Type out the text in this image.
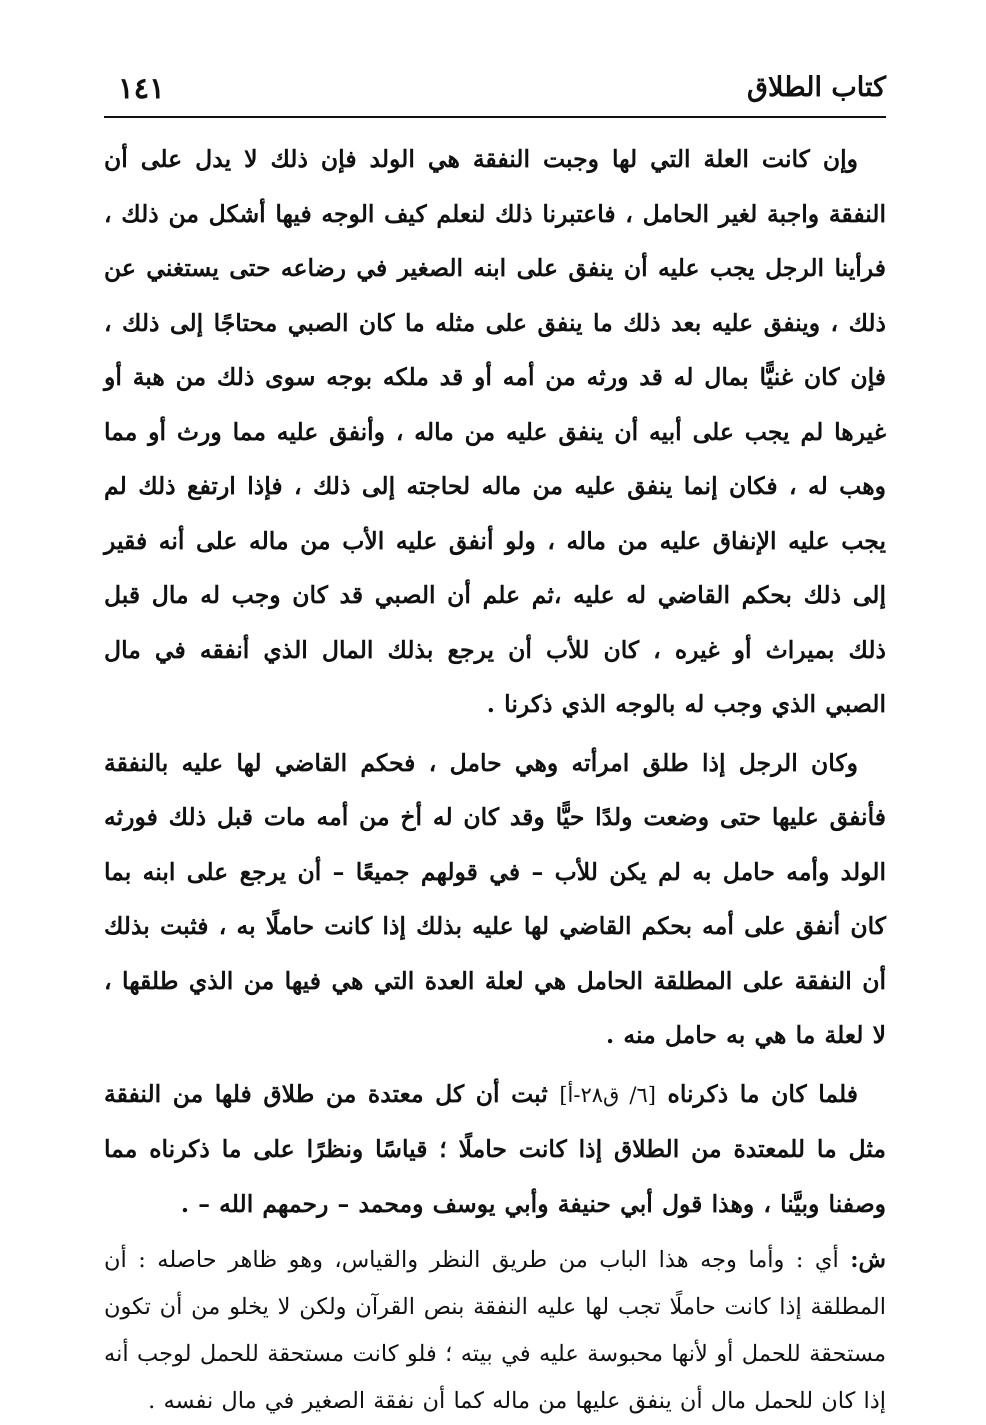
كتاب الطلاق
١٤١

وإن كانت العلة التي لها وجبت النفقة هي الولد فإن ذلك لا يدل على أن النفقة واجبة لغير الحامل ، فاعتبرنا ذلك لنعلم كيف الوجه فيها أشكل من ذلك ، فرأينا الرجل يجب عليه أن ينفق على ابنه الصغير في رضاعه حتى يستغني عن ذلك ، وينفق عليه بعد ذلك ما ينفق على مثله ما كان الصبي محتاجًا إلى ذلك ، فإن كان غنيًّا بمال له قد ورثه من أمه أو قد ملكه بوجه سوى ذلك من هبة أو غيرها لم يجب على أبيه أن ينفق عليه من ماله ، وأنفق عليه مما ورث أو مما وهب له ، فكان إنما ينفق عليه من ماله لحاجته إلى ذلك ، فإذا ارتفع ذلك لم يجب عليه الإنفاق عليه من ماله ، ولو أنفق عليه الأب من ماله على أنه فقير إلى ذلك بحكم القاضي له عليه ،ثم علم أن الصبي قد كان وجب له مال قبل ذلك بميراث أو غيره ، كان للأب أن يرجع بذلك المال الذي أنفقه في مال الصبي الذي وجب له بالوجه الذي ذكرنا .

وكان الرجل إذا طلق امرأته وهي حامل ، فحكم القاضي لها عليه بالنفقة فأنفق عليها حتى وضعت ولدًا حيًّا وقد كان له أخ من أمه مات قبل ذلك فورثه الولد وأمه حامل به لم يكن للأب – في قولهم جميعًا – أن يرجع على ابنه بما كان أنفق على أمه بحكم القاضي لها عليه بذلك إذا كانت حاملًا به ، فثبت بذلك أن النفقة على المطلقة الحامل هي لعلة العدة التي هي فيها من الذي طلقها ، لا لعلة ما هي به حامل منه .

فلما كان ما ذكرناه [٦/ ق٢٨-أ] ثبت أن كل معتدة من طلاق فلها من النفقة مثل ما للمعتدة من الطلاق إذا كانت حاملًا ؛ قياسًا ونظرًا على ما ذكرناه مما وصفنا وبيَّنا ، وهذا قول أبي حنيفة وأبي يوسف ومحمد – رحمهم الله – .

ش: أي : وأما وجه هذا الباب من طريق النظر والقياس، وهو ظاهر حاصله : أن المطلقة إذا كانت حاملًا تجب لها عليه النفقة بنص القرآن ولكن لا يخلو من أن تكون مستحقة للحمل أو لأنها محبوسة عليه في بيته ؛ فلو كانت مستحقة للحمل لوجب أنه إذا كان للحمل مال أن ينفق عليها من ماله كما أن نفقة الصغير في مال نفسه .
